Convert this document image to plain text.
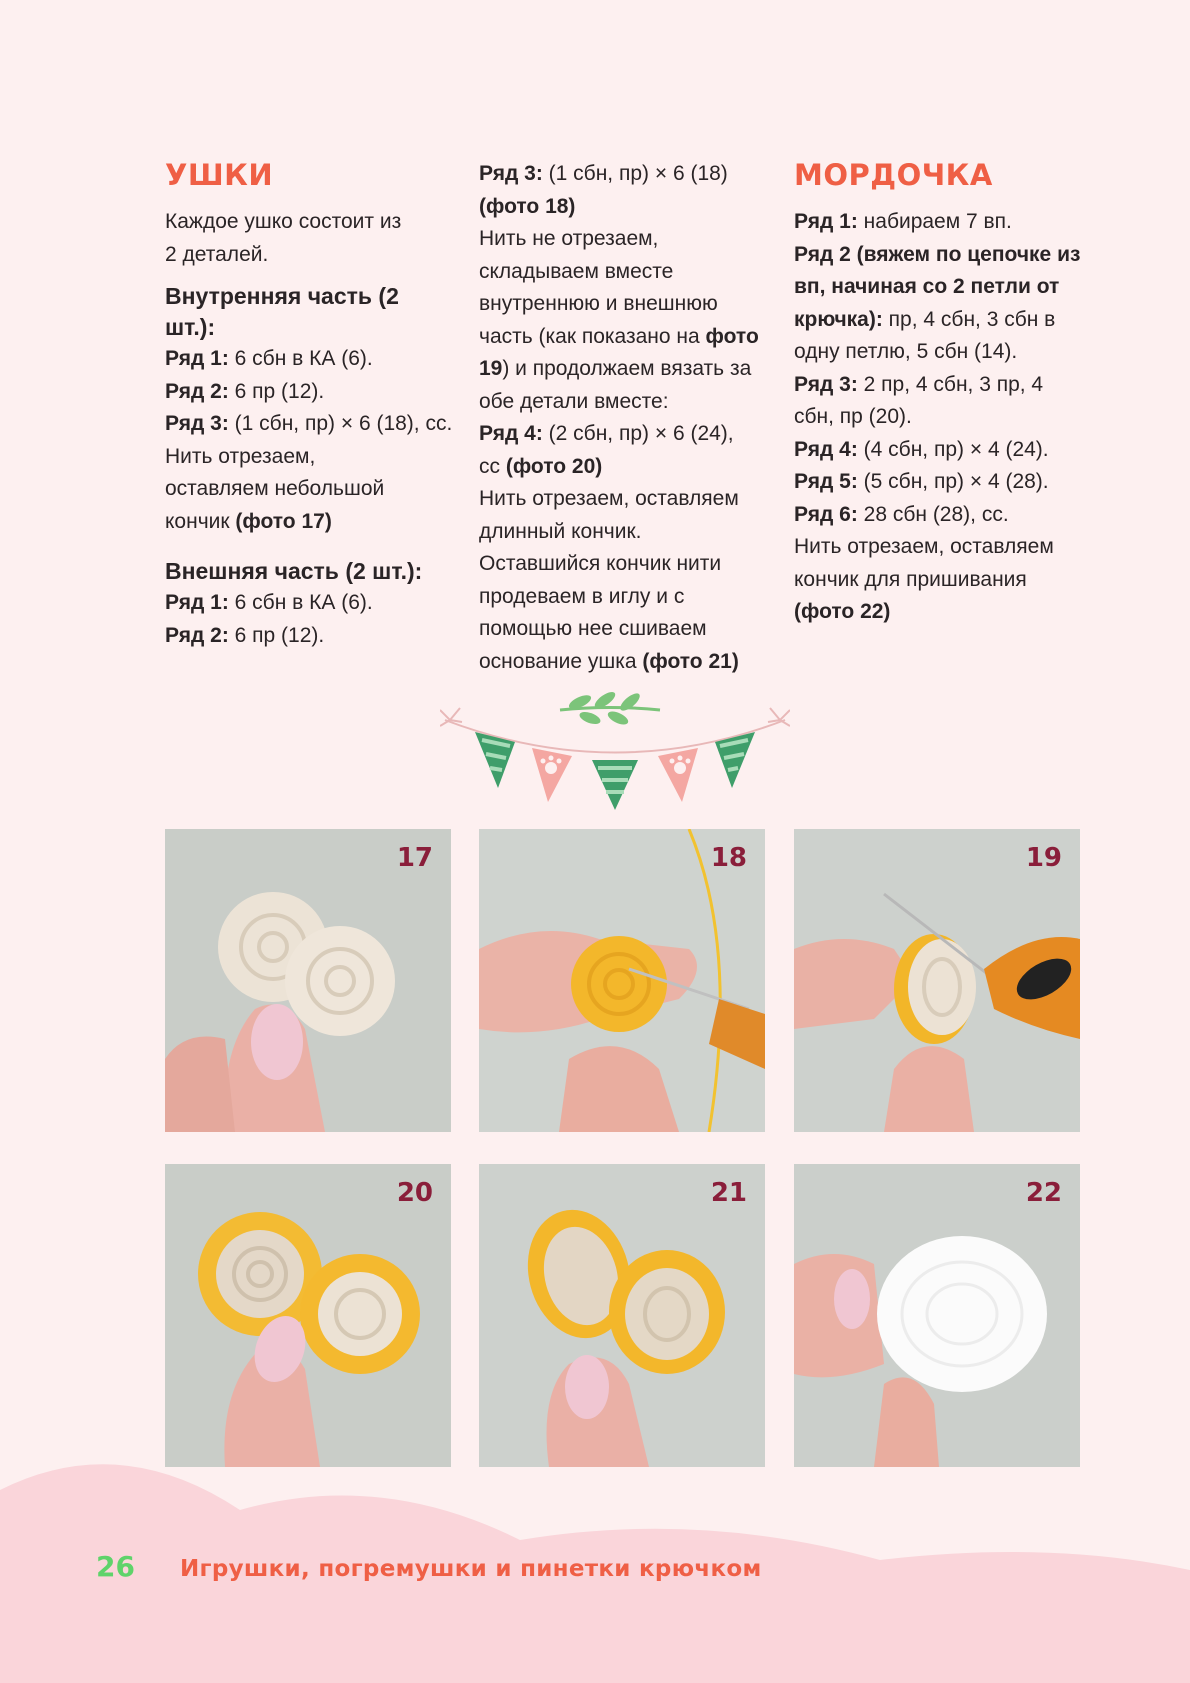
УШКИ

Каждое ушко состоит из 2 деталей.

Внутренняя часть (2 шт.):

Ряд 1: 6 сбн в КА (6).

Ряд 2: 6 пр (12).

Ряд 3: (1 сбн, пр) × 6 (18), сс.

Нить отрезаем, оставляем небольшой кончик (фото 17)

Внешняя часть (2 шт.):

Ряд 1: 6 сбн в КА (6).

Ряд 2: 6 пр (12).

Ряд 3: (1 сбн, пр) × 6 (18) (фото 18)

Нить не отрезаем, складываем вместе внутреннюю и внешнюю часть (как показано на фото 19) и продолжаем вязать за обе детали вместе:

Ряд 4: (2 сбн, пр) × 6 (24), сс (фото 20)

Нить отрезаем, оставляем длинный кончик. Оставшийся кончик нити продеваем в иглу и с помощью нее сшиваем основание ушка (фото 21)

МОРДОЧКА

Ряд 1: набираем 7 вп.

Ряд 2 (вяжем по цепочке из вп, начиная со 2 петли от крючка): пр, 4 сбн, 3 сбн в одну петлю, 5 сбн (14).

Ряд 3: 2 пр, 4 сбн, 3 пр, 4 сбн, пр (20).

Ряд 4: (4 сбн, пр) × 4 (24).

Ряд 5: (5 сбн, пр) × 4 (28).

Ряд 6: 28 сбн (28), сс.

Нить отрезаем, оставляем кончик для пришивания (фото 22)

17	18	19
20	21	22
26 Игрушки, погремушки и пинетки крючком
